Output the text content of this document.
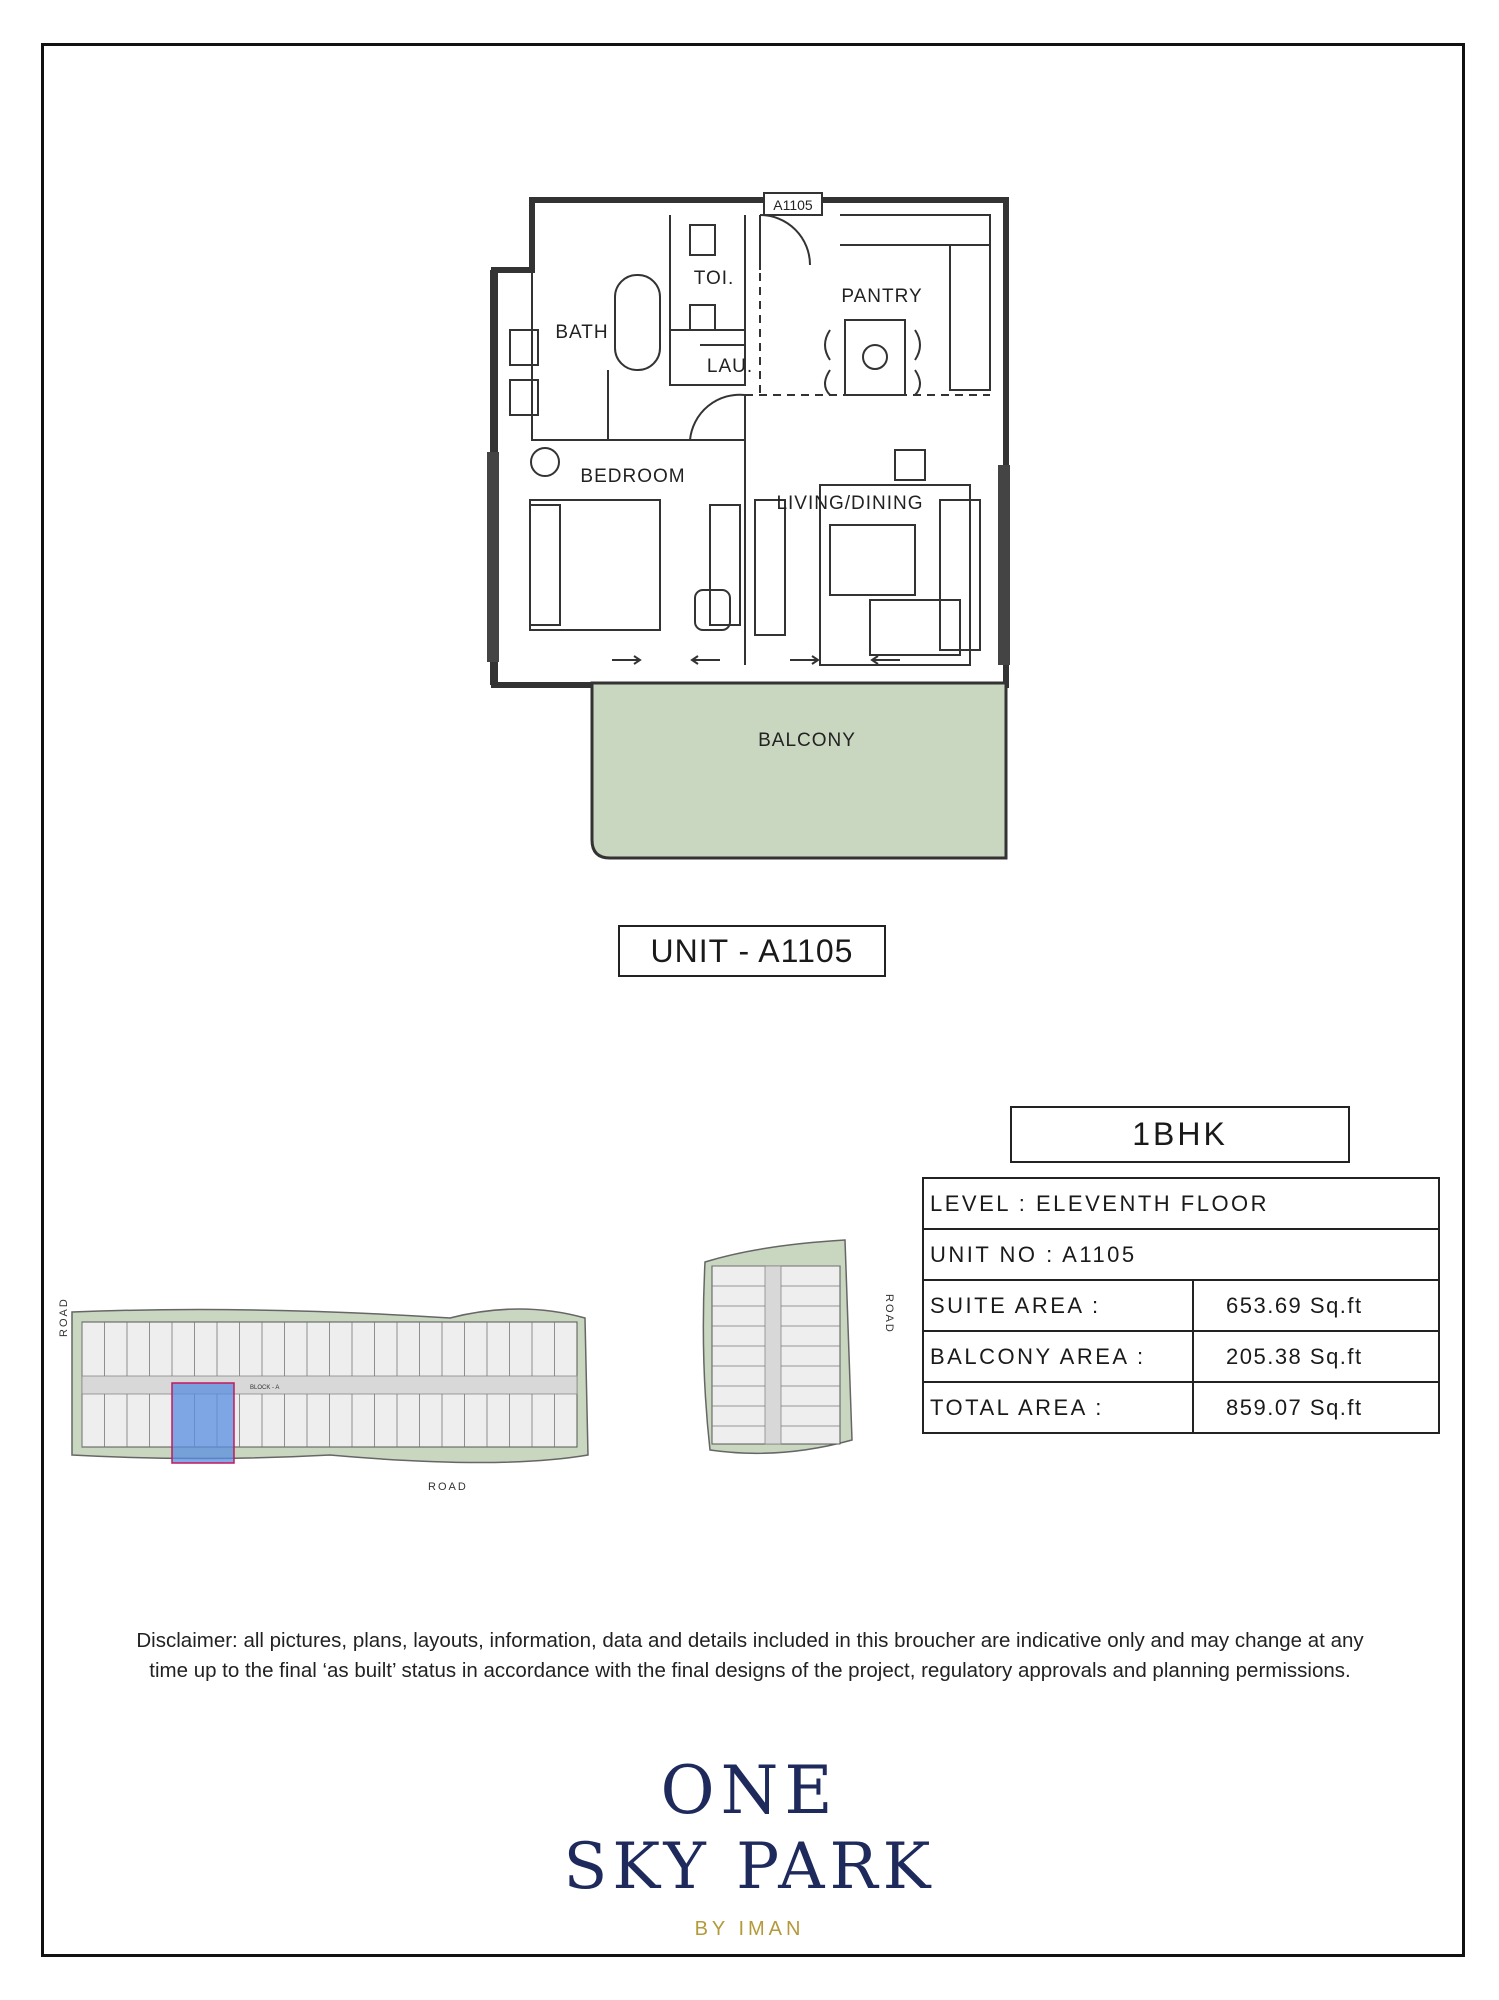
A1105
TOI.
BATH
PANTRY
LAU.
BEDROOM
LIVING/DINING
BALCONY
UNIT - A1105
1BHK
LEVEL : ELEVENTH FLOOR	
UNIT NO : A1105	
SUITE AREA :	653.69 Sq.ft
BALCONY AREA :	205.38 Sq.ft
TOTAL AREA :	859.07 Sq.ft
BLOCK - A
ROAD
ROAD
ROAD
Disclaimer: all pictures, plans, layouts, information, data and details included in this broucher are indicative only and may change at any time up to the final ‘as built’ status in accordance with the final designs of the project, regulatory approvals and planning permissions.
ONE
SKY PARK
BY IMAN
